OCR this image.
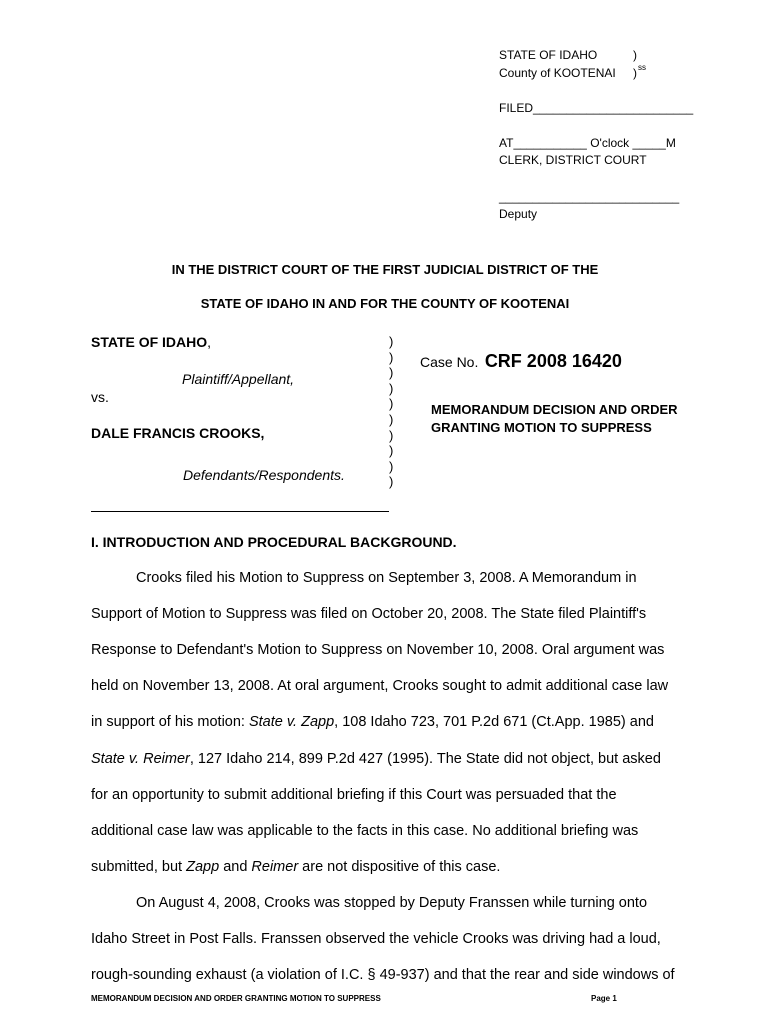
STATE OF IDAHO	)
County of KOOTENAI ) ss
FILED________________________
AT___________ O'clock _____M
CLERK, DISTRICT COURT
___________________________
Deputy
IN THE DISTRICT COURT OF THE FIRST JUDICIAL DISTRICT OF THE
STATE OF IDAHO IN AND FOR THE COUNTY OF KOOTENAI
STATE OF IDAHO,
Plaintiff/Appellant,
vs.
DALE FRANCIS CROOKS,
Defendants/Respondents.
)
)
)
)
)
)
)
)
)
)
Case No. CRF 2008 16420
MEMORANDUM DECISION AND ORDER GRANTING MOTION TO SUPPRESS
I. INTRODUCTION AND PROCEDURAL BACKGROUND.
Crooks filed his Motion to Suppress on September 3, 2008. A Memorandum in
Support of Motion to Suppress was filed on October 20, 2008. The State filed Plaintiff's
Response to Defendant's Motion to Suppress on November 10, 2008. Oral argument was
held on November 13, 2008. At oral argument, Crooks sought to admit additional case law
in support of his motion: State v. Zapp, 108 Idaho 723, 701 P.2d 671 (Ct.App. 1985) and
State v. Reimer, 127 Idaho 214, 899 P.2d 427 (1995). The State did not object, but asked
for an opportunity to submit additional briefing if this Court was persuaded that the
additional case law was applicable to the facts in this case. No additional briefing was
submitted, but Zapp and Reimer are not dispositive of this case.
On August 4, 2008, Crooks was stopped by Deputy Franssen while turning onto
Idaho Street in Post Falls. Franssen observed the vehicle Crooks was driving had a loud,
rough-sounding exhaust (a violation of I.C. § 49-937) and that the rear and side windows of
MEMORANDUM DECISION AND ORDER GRANTING MOTION TO SUPPRESS	Page 1
